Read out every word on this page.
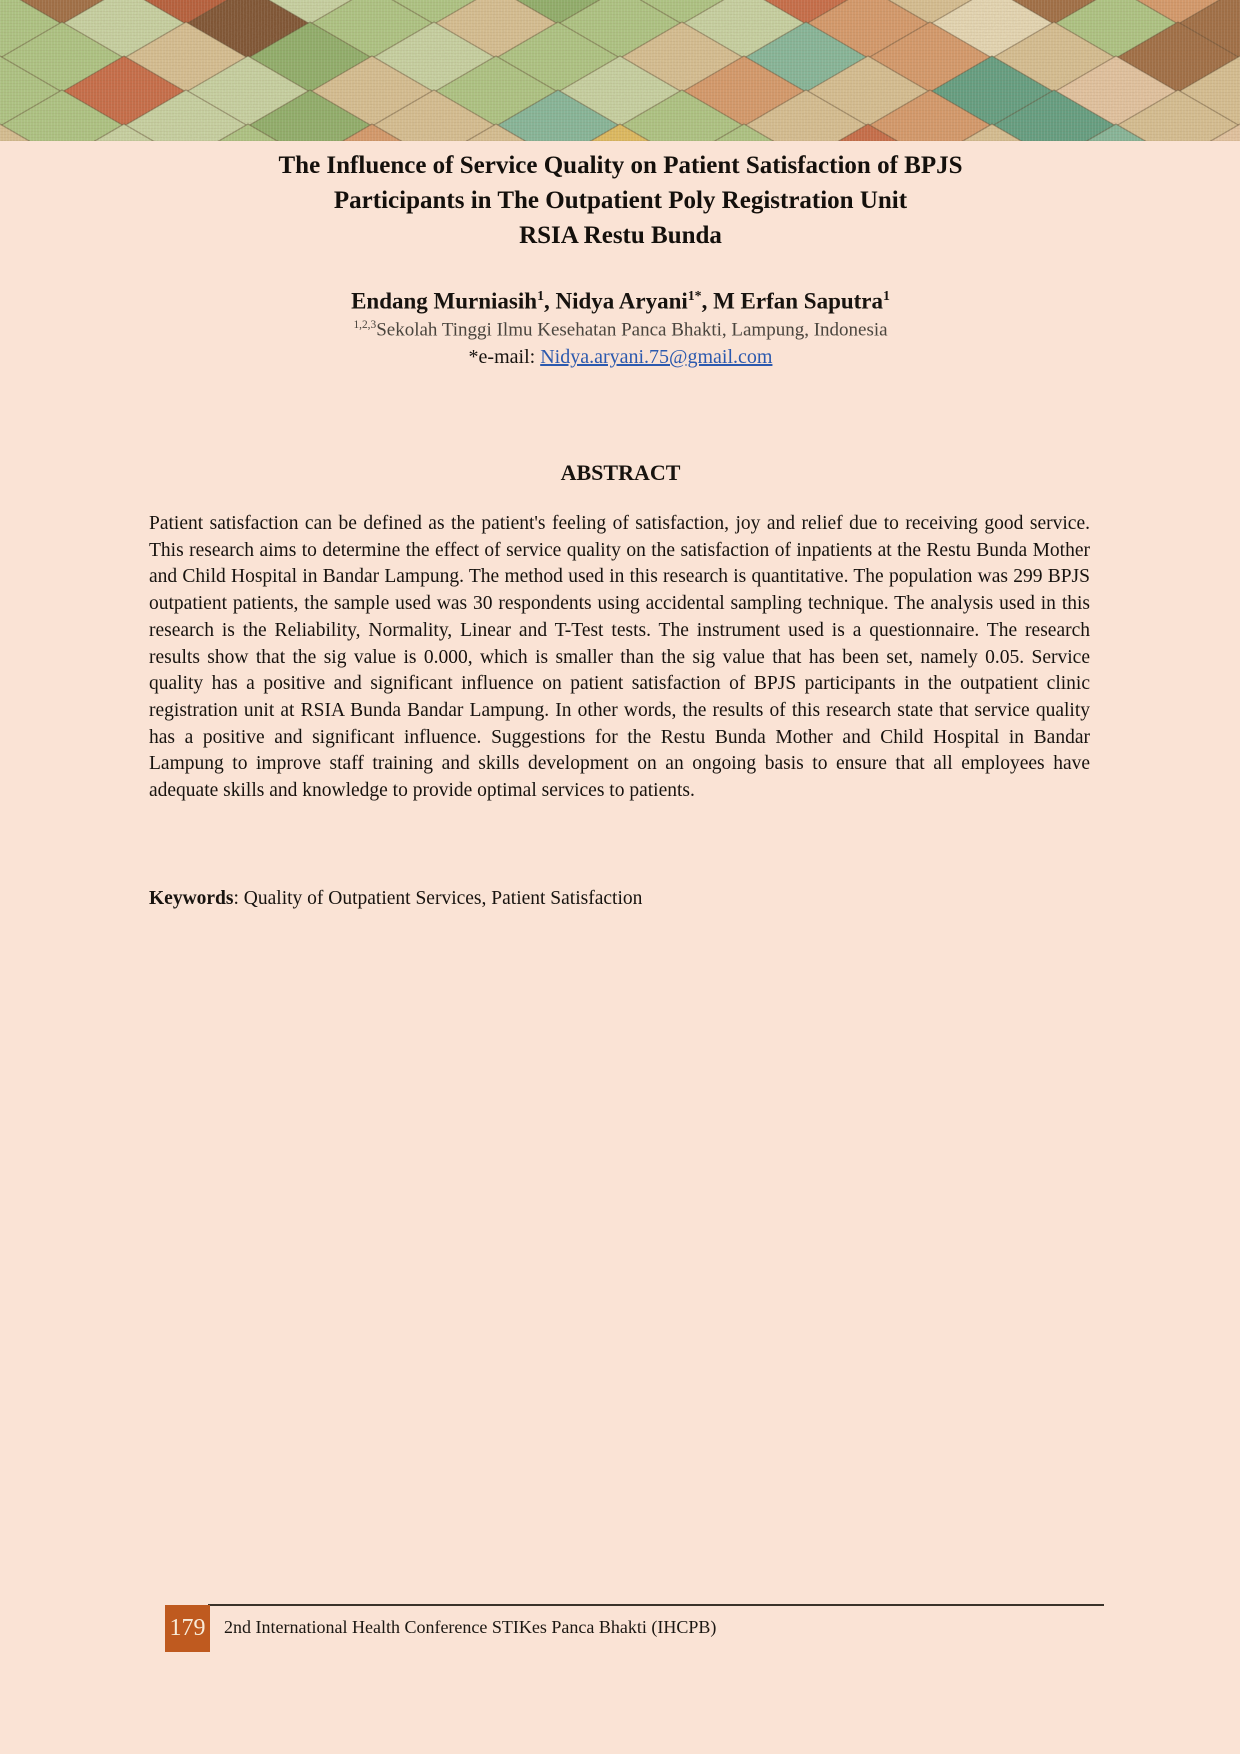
The Influence of Service Quality on Patient Satisfaction of BPJS
Participants in The Outpatient Poly Registration Unit
RSIA Restu Bunda

Endang Murniasih$^1$, Nidya Aryani$^{1*}$, M Erfan Saputra$^1$

$^{1,2,3}$Sekolah Tinggi Ilmu Kesehatan Panca Bhakti, Lampung, Indonesia

*e-mail: Nidya.aryani.75@gmail.com

ABSTRACT

Patient satisfaction can be defined as the patient's feeling of satisfaction, joy and relief due to receiving good service. This research aims to determine the effect of service quality on the satisfaction of inpatients at the Restu Bunda Mother and Child Hospital in Bandar Lampung. The method used in this research is quantitative. The population was 299 BPJS outpatient patients, the sample used was 30 respondents using accidental sampling technique. The analysis used in this research is the Reliability, Normality, Linear and T-Test tests. The instrument used is a questionnaire. The research results show that the sig value is 0.000, which is smaller than the sig value that has been set, namely 0.05. Service quality has a positive and significant influence on patient satisfaction of BPJS participants in the outpatient clinic registration unit at RSIA Bunda Bandar Lampung. In other words, the results of this research state that service quality has a positive and significant influence. Suggestions for the Restu Bunda Mother and Child Hospital in Bandar Lampung to improve staff training and skills development on an ongoing basis to ensure that all employees have adequate skills and knowledge to provide optimal services to patients.

Keywords: Quality of Outpatient Services, Patient Satisfaction

179 2nd International Health Conference STIKes Panca Bhakti (IHCPB)
